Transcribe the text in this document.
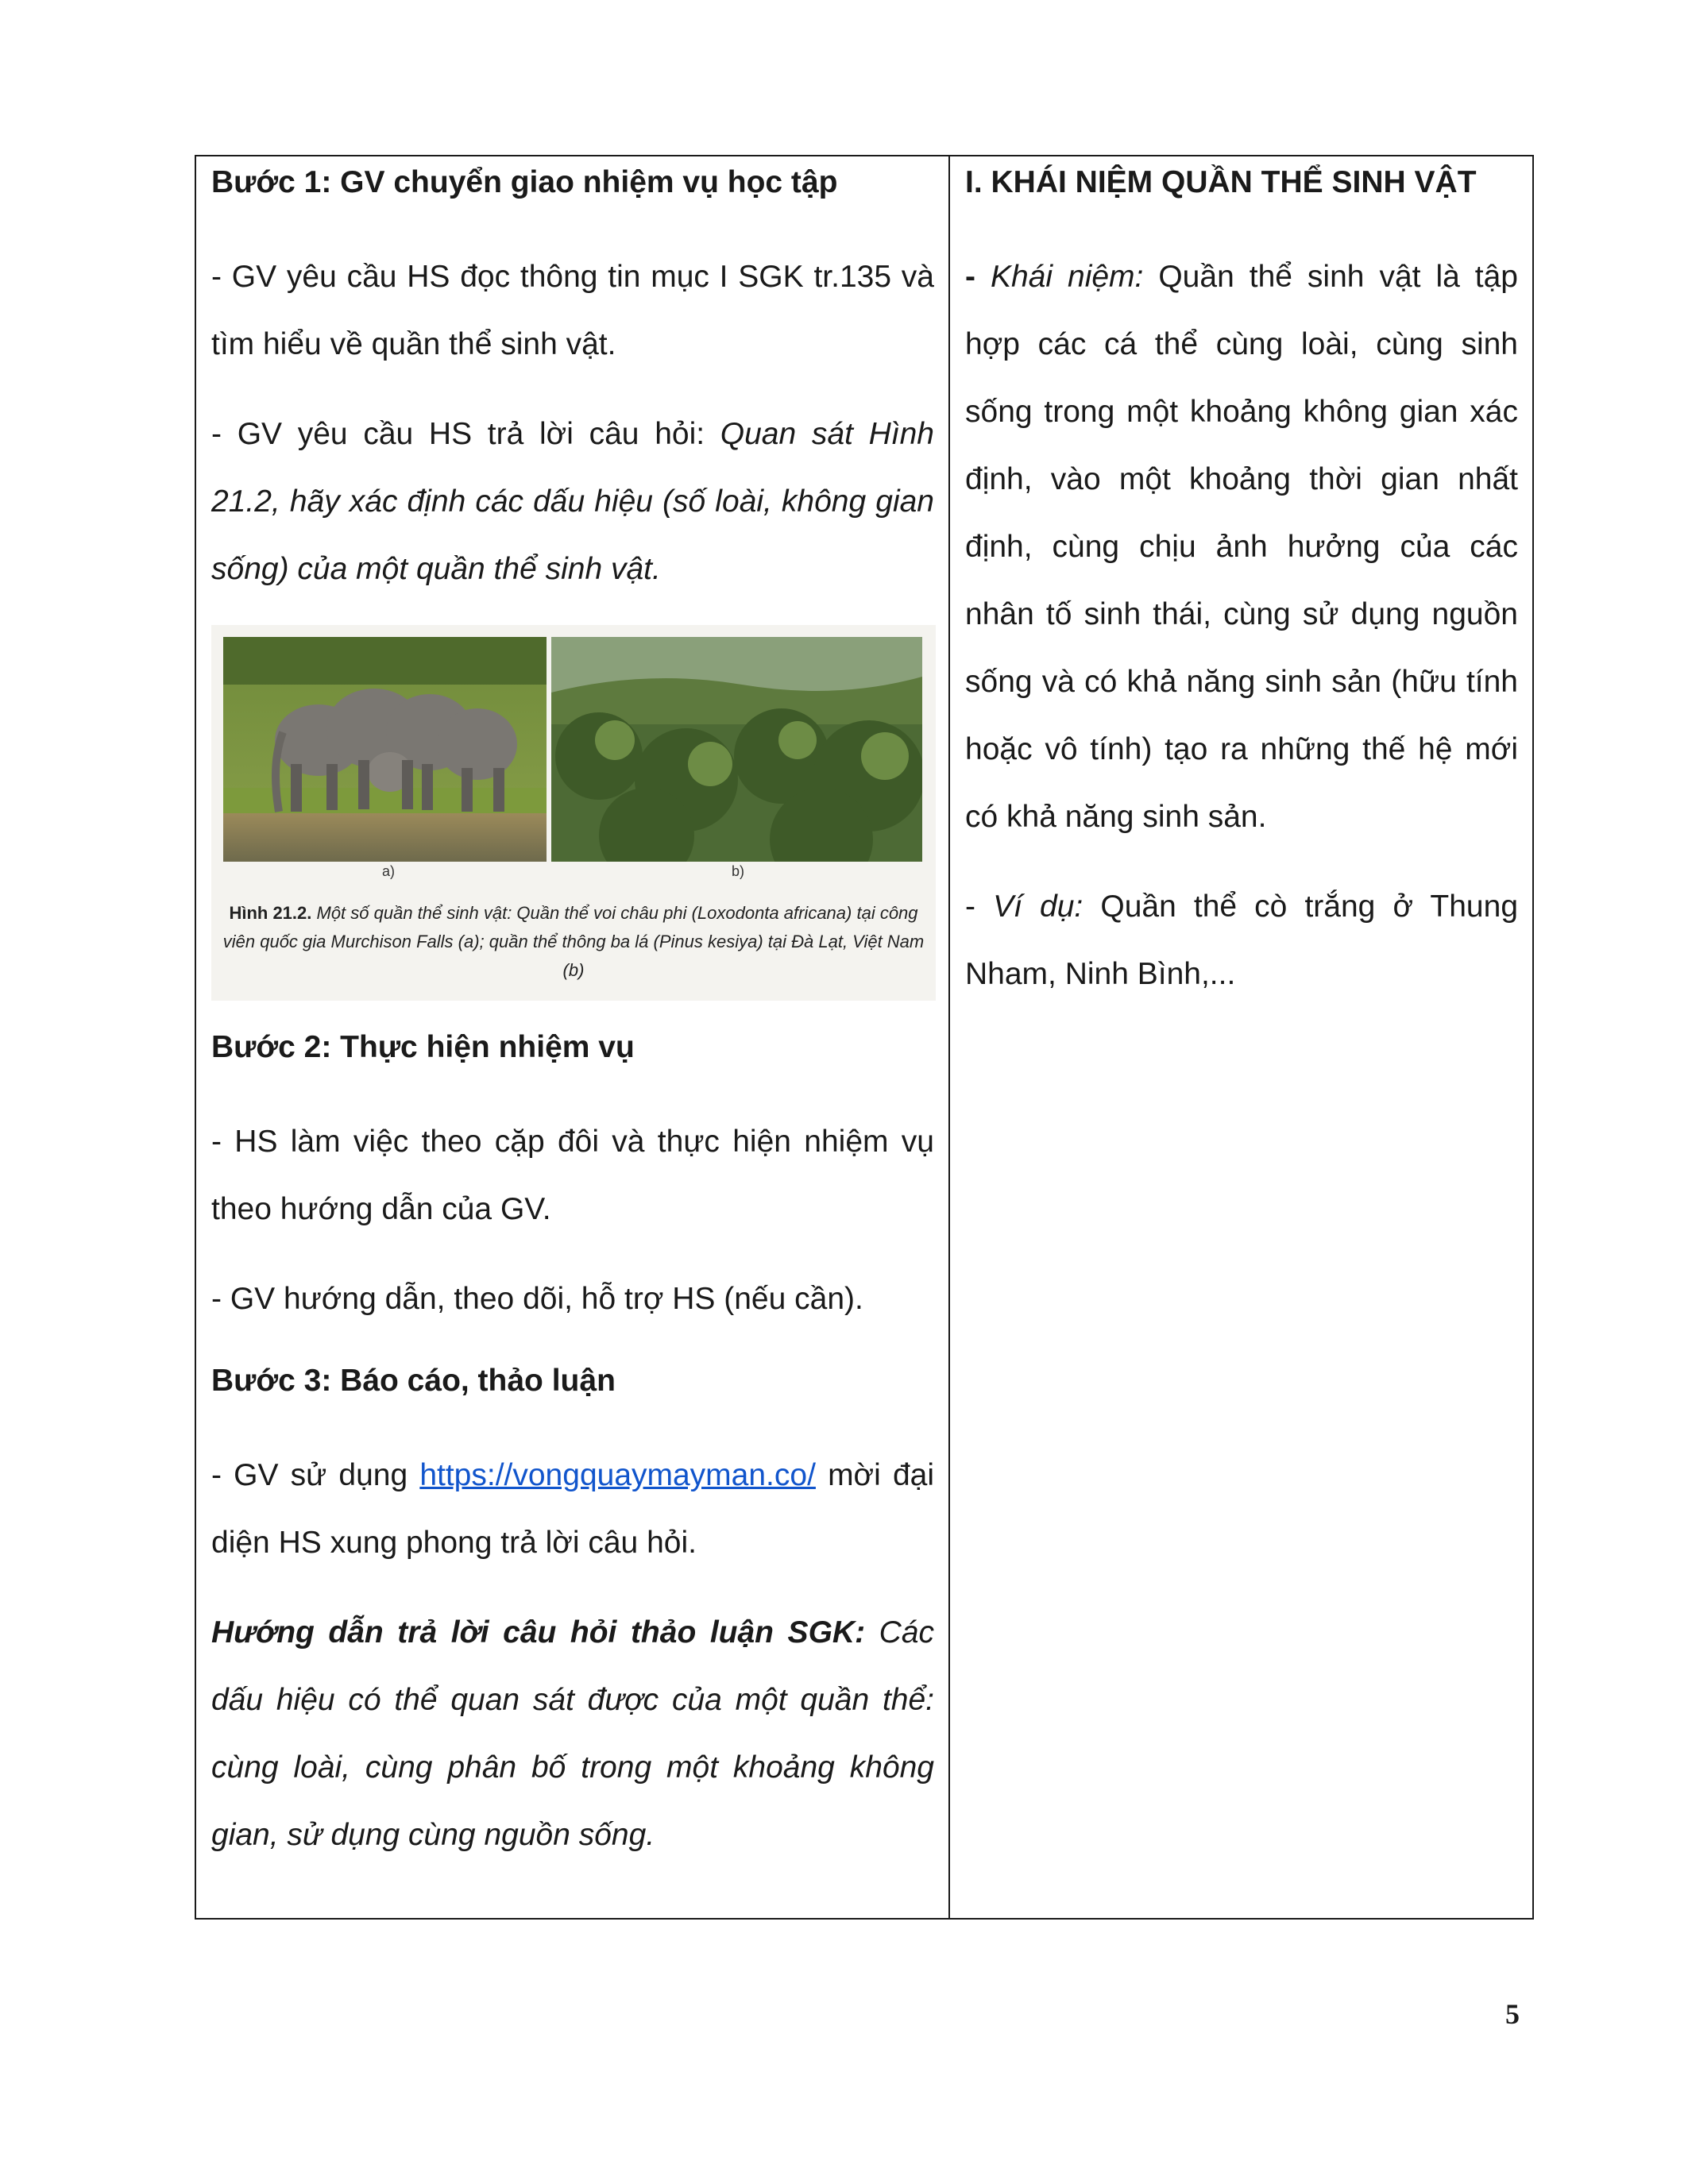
Bước 1: GV chuyển giao nhiệm vụ học tập

- GV yêu cầu HS đọc thông tin mục I SGK tr.135 và tìm hiểu về quần thể sinh vật.

- GV yêu cầu HS trả lời câu hỏi: Quan sát Hình 21.2, hãy xác định các dấu hiệu (số loài, không gian sống) của một quần thể sinh vật.

a)	b)
Hình 21.2. Một số quần thể sinh vật: Quần thể voi châu phi (Loxodonta africana) tại công viên quốc gia Murchison Falls (a); quần thể thông ba lá (Pinus kesiya) tại Đà Lạt, Việt Nam (b)
Bước 2: Thực hiện nhiệm vụ

- HS làm việc theo cặp đôi và thực hiện nhiệm vụ theo hướng dẫn của GV.

- GV hướng dẫn, theo dõi, hỗ trợ HS (nếu cần).

Bước 3: Báo cáo, thảo luận

- GV sử dụng https://vongquaymayman.co/ mời đại diện HS xung phong trả lời câu hỏi.

Hướng dẫn trả lời câu hỏi thảo luận SGK: Các dấu hiệu có thể quan sát được của một quần thể: cùng loài, cùng phân bố trong một khoảng không gian, sử dụng cùng nguồn sống.

I. KHÁI NIỆM QUẦN THỂ SINH VẬT

- Khái niệm: Quần thể sinh vật là tập hợp các cá thể cùng loài, cùng sinh sống trong một khoảng không gian xác định, vào một khoảng thời gian nhất định, cùng chịu ảnh hưởng của các nhân tố sinh thái, cùng sử dụng nguồn sống và có khả năng sinh sản (hữu tính hoặc vô tính) tạo ra những thế hệ mới có khả năng sinh sản.

- Ví dụ: Quần thể cò trắng ở Thung Nham, Ninh Bình,...

5
